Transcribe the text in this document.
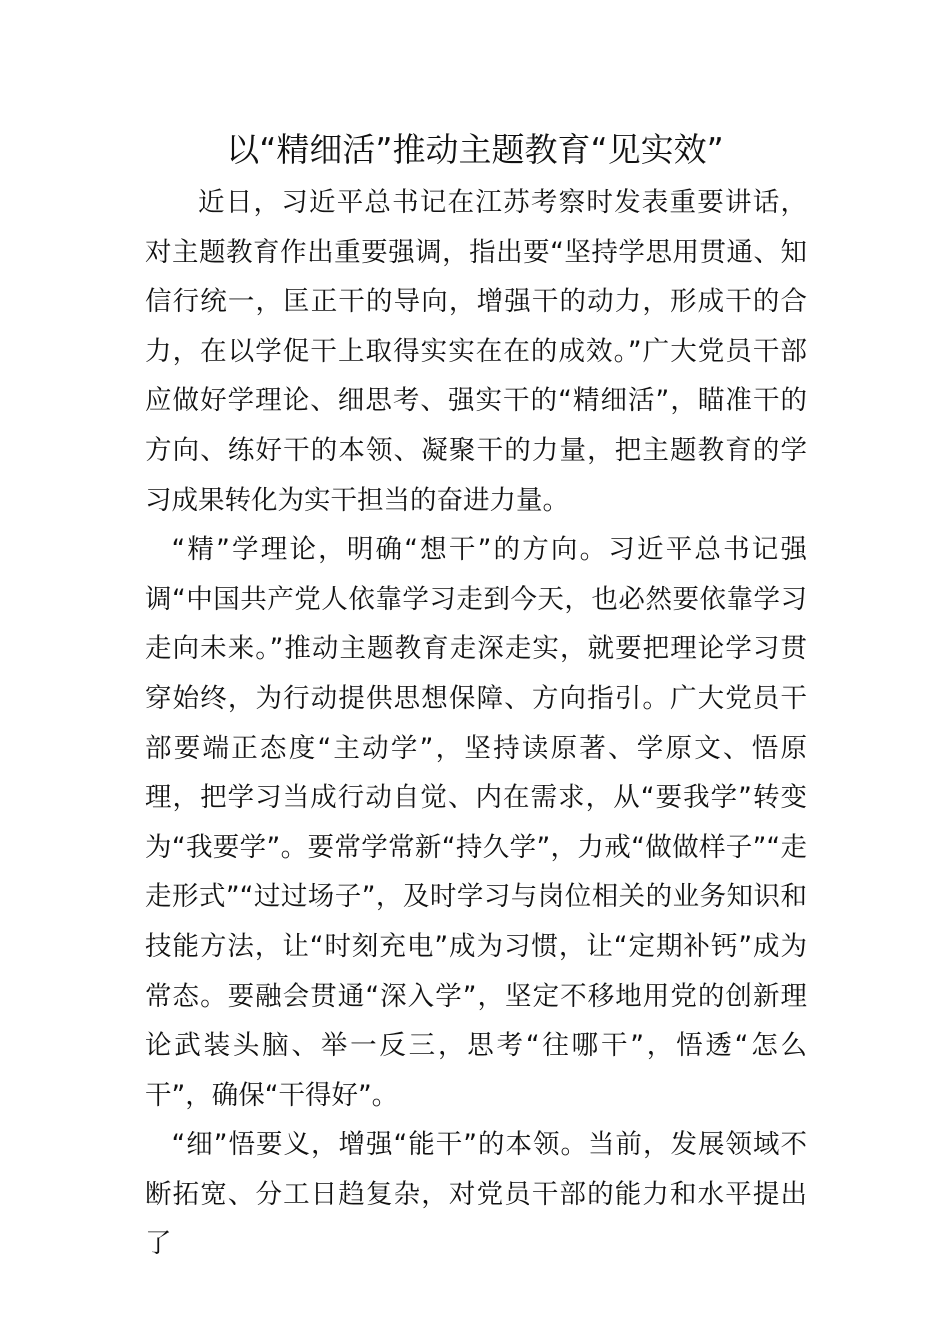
以“精细活”推动主题教育“见实效”

近日，习近平总书记在江苏考察时发表重要讲话，对主题教育作出重要强调，指出要“坚持学思用贯通、知信行统一，匡正干的导向，增强干的动力，形成干的合力，在以学促干上取得实实在在的成效。”广大党员干部应做好学理论、细思考、强实干的“精细活”，瞄准干的方向、练好干的本领、凝聚干的力量，把主题教育的学习成果转化为实干担当的奋进力量。

“精”学理论，明确“想干”的方向。习近平总书记强调“中国共产党人依靠学习走到今天，也必然要依靠学习走向未来。”推动主题教育走深走实，就要把理论学习贯穿始终，为行动提供思想保障、方向指引。广大党员干部要端正态度“主动学”，坚持读原著、学原文、悟原理，把学习当成行动自觉、内在需求，从“要我学”转变为“我要学”。要常学常新“持久学”，力戒“做做样子”“走走形式”“过过场子”，及时学习与岗位相关的业务知识和技能方法，让“时刻充电”成为习惯，让“定期补钙”成为常态。要融会贯通“深入学”，坚定不移地用党的创新理论武装头脑、举一反三，思考“往哪干”，悟透“怎么干”，确保“干得好”。

“细”悟要义，增强“能干”的本领。当前，发展领域不断拓宽、分工日趋复杂，对党员干部的能力和水平提出了
